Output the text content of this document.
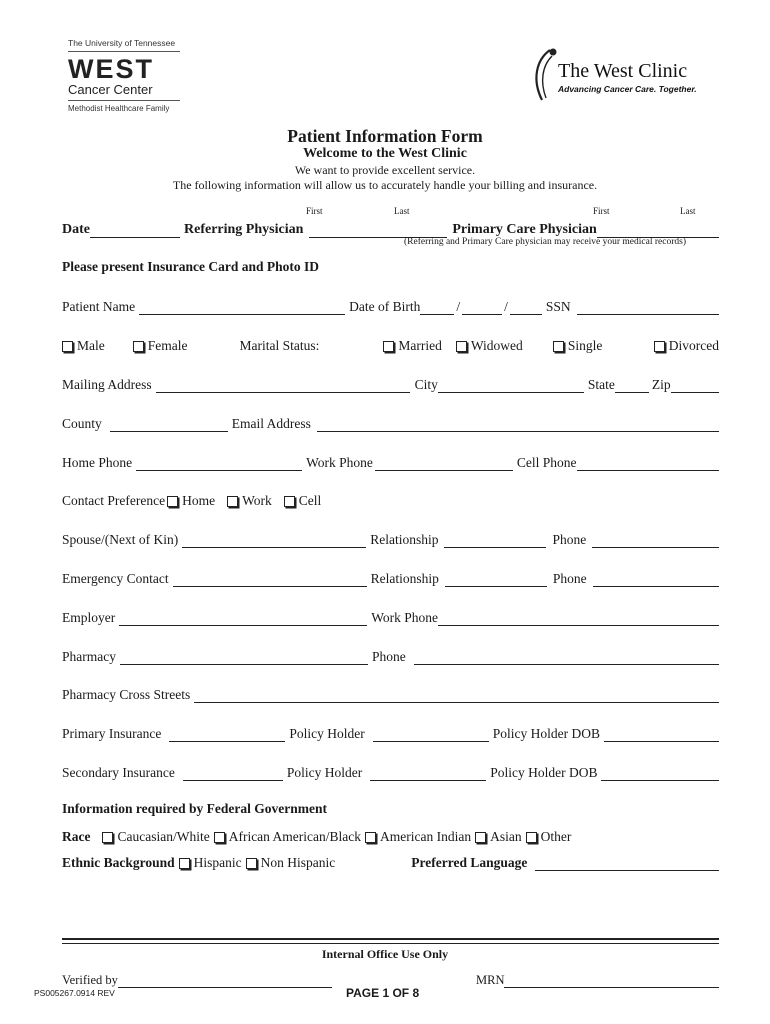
The University of Tennessee
WEST
Cancer Center
Methodist Healthcare Family
The West Clinic
Advancing Cancer Care. Together.
Patient Information Form
Welcome to the West Clinic
We want to provide excellent service.
The following information will allow us to accurately handle your billing and insurance.
First	Last	First	Last
Date	Referring Physician	Primary Care Physician
(Referring and Primary Care physician may receive your medical records)
Please present Insurance Card and Photo ID
Patient Name	Date of Birth	/	/	SSN
Male	Female	Marital Status:	Married Widowed	Single	Divorced
Mailing Address	City	State	Zip
County	Email Address
Home Phone	Work Phone	Cell Phone
Contact Preference Home Work Cell
Spouse/(Next of Kin)	Relationship	Phone
Emergency Contact	Relationship	Phone
Employer	Work Phone
Pharmacy	Phone
Pharmacy Cross Streets
Primary Insurance	Policy Holder	Policy Holder DOB
Secondary Insurance	Policy Holder	Policy Holder DOB
Information required by Federal Government
Race Caucasian/White African American/Black American Indian Asian Other
Ethnic Background Hispanic Non Hispanic	Preferred Language
Internal Office Use Only
Verified by	MRN
PS005267.0914 REV	PAGE 1 OF 8
